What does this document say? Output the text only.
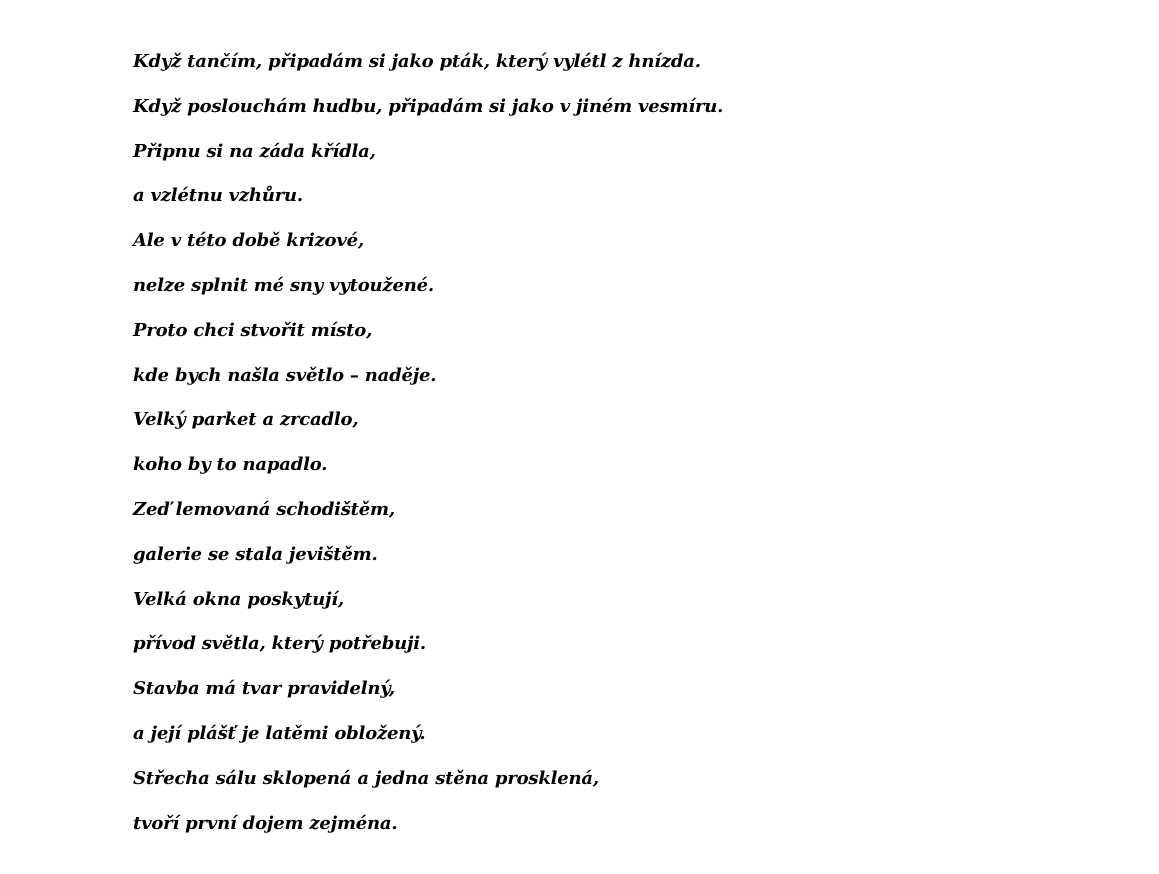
Když tančím, připadám si jako pták, který vylétl z hnízda.
Když poslouchám hudbu, připadám si jako v jiném vesmíru.
Připnu si na záda křídla,
a vzlétnu vzhůru.
Ale v této době krizové,
nelze splnit mé sny vytoužené.
Proto chci stvořit místo,
kde bych našla světlo – naděje.
Velký parket a zrcadlo,
koho by to napadlo.
Zeď lemovaná schodištěm,
galerie se stala jevištěm.
Velká okna poskytují,
přívod světla, který potřebuji.
Stavba má tvar pravidelný,
a její plášť je latěmi obložený.
Střecha sálu sklopená a jedna stěna prosklená,
tvoří první dojem zejména.
